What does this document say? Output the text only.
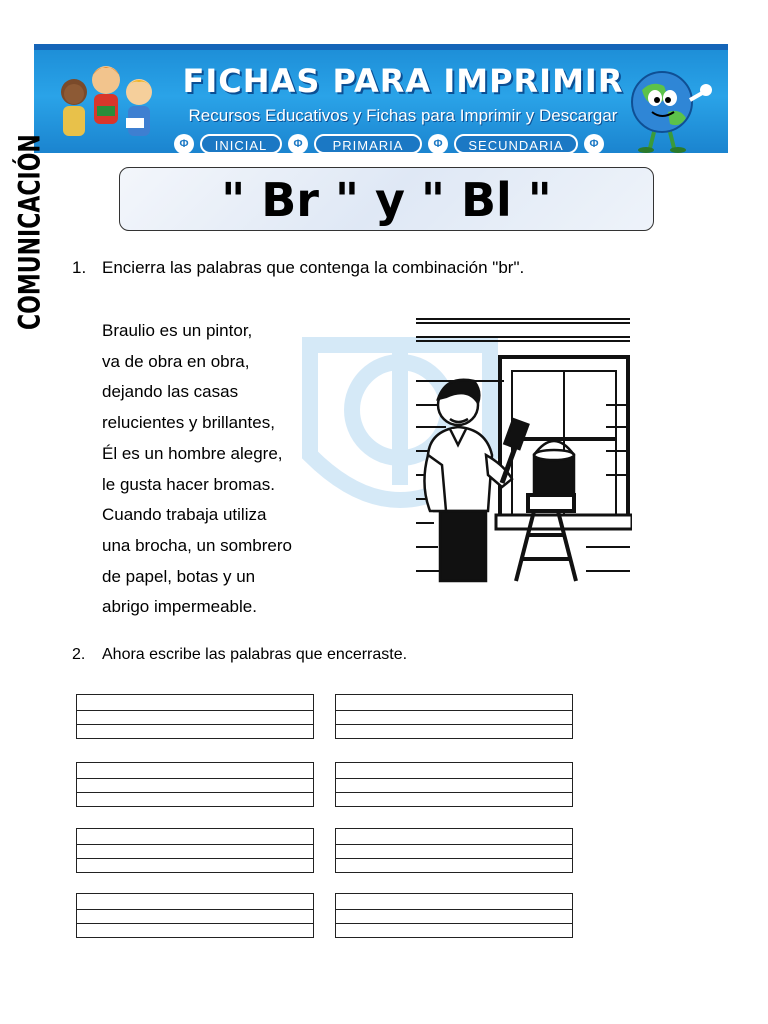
FICHAS PARA IMPRIMIR
Recursos Educativos y Fichas para Imprimir y Descargar
Φ	INICIAL	Φ	PRIMARIA	Φ	SECUNDARIA	Φ
COMUNICACIÓN	" Br " y " Bl "
1. Encierra las palabras que contenga la combinación "br".
Braulio es un pintor,
va de obra en obra,
dejando las casas
relucientes y brillantes,
Él es un hombre alegre,
le gusta hacer bromas.
Cuando trabaja utiliza
una brocha, un sombrero
de papel, botas y un
abrigo impermeable.
2. Ahora escribe las palabras que encerraste.
